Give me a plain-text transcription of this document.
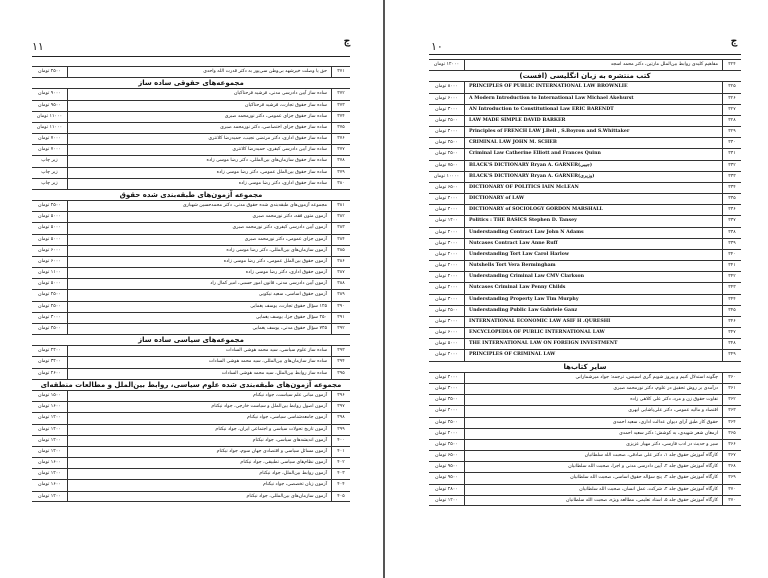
۱۱	ج
۲۵۰۰ تومان	حق یا وصلت خیرشهد بی‌وطن سی‌پور به دکتر قدرت الله واحدی	۳۷۱
مجموعه‌های حقوقی ساده ساز
۹۰۰۰ تومان	ساده ساز آیین دادرسی مدنی، فرشید فرحناکیان	۳۷۲
۹۵۰۰ تومان	ساده ساز حقوق تجارت، فرشید فرحناکیان	۳۷۳
۱۱۰۰۰ تومان	ساده ساز حقوق جزای عمومی، دکتر نورمحمد صبری	۳۷۴
۱۱۰۰۰ تومان	ساده ساز حقوق جزای اختصاصی، دکتر نورمحمد صبری	۳۷۵
۷۰۰۰ تومان	ساده ساز حقوق اداری، دکتر مرتضی نجیب، حمیدرضا کلانتری	۳۷۶
۷۰۰۰ تومان	ساده ساز آیین دادرسی کیفری، حمیدرضا کلانتری	۳۷۷
زیر چاپ	ساده ساز حقوق سازمان‌های بین‌المللی، دکتر رضا موسی زاده	۳۷۸
زیر چاپ	ساده ساز حقوق بین‌الملل عمومی، دکتر رضا موسی زاده	۳۷۹
زیر چاپ	ساده ساز حقوق اداری، دکتر رضا موسی زاده	۳۸۰
مجموعه آزمون‌های طبقه‌بندی شده حقوق
۲۵۰۰ تومان	مجموعه آزمون‌های طبقه‌بندی شده حقوق مدنی، دکتر محمدحسین شهبازی	۳۸۱
۵۰۰۰ تومان	آزمون متون فقه، دکتر نورمحمد صبری	۳۸۲
۵۰۰۰ تومان	آزمون آیین دادرسی کیفری، دکتر نورمحمد صبری	۳۸۳
۵۰۰۰ تومان	آزمون جزای عمومی، دکتر نورمحمد صبری	۳۸۴
۶۰۰۰ تومان	آزمون سازمان‌های بین‌المللی، دکتر رضا موسی زاده	۳۸۵
۶۰۰۰ تومان	آزمون حقوق بین‌الملل عمومی، دکتر رضا موسی زاده	۳۸۶
۱۱۰۰ تومان	آزمون حقوق اداری، دکتر رضا موسی زاده	۳۸۷
۵۰۰۰ تومان	آزمون آیین دادرسی مدنی، قانون امور حسبی، امیر کمال راد	۳۸۸
۲۵۰۰ تومان	آزمون حقوق اساسی، سعید نیکویی	۳۸۹
۲۵۰۰ تومان	۱۲۵ سؤال حقوق تجارت، یوسف یغمایی	۳۹۰
۳۰۰۰ تومان	۲۵۰ سؤال حقوق جزا، یوسف یغمایی	۳۹۱
۴۵۰۰ تومان	۷۴۵ سؤال حقوق مدنی، یوسف یغمایی	۳۹۲
مجموعه‌های سیاسی ساده ساز
۲۴۰۰ تومان	ساده ساز علوم سیاسی، سید محمد هوشی السادات	۳۹۳
۳۴۰۰ تومان	ساده ساز سازمان‌های بین‌المللی، سید محمد هوشی السادات	۳۹۴
۲۶۰۰ تومان	ساده ساز روابط بین‌الملل، سید محمد هوشی السادات	۳۹۵
مجموعه آزمون‌های طبقه‌بندی شده علوم سیاسی، روابط بین‌الملل و مطالعات منطقه‌ای
۱۵۰۰ تومان	آزمون مبانی علم سیاست، جواد نیکنام	۳۹۶
۱۶۰۰ تومان	آزمون اصول روابط بین‌الملل و سیاست خارجی، جواد نیکنام	۳۹۷
۱۲۰۰ تومان	آزمون جامعه‌شناسی سیاسی، جواد نیکنام	۳۹۸
۱۴۰۰ تومان	آزمون تاریخ تحولات سیاسی و اجتماعی ایران، جواد نیکنام	۳۹۹
۱۲۰۰ تومان	آزمون اندیشه‌های سیاسی، جواد نیکنام	۴۰۰
۱۲۰۰ تومان	آزمون مسائل سیاسی و اقتصادی جهان سوم، جواد نیکنام	۴۰۱
۱۶۰۰ تومان	آزمون نظام‌های سیاسی تطبیقی، جواد نیکنام	۴۰۲
۱۲۰۰ تومان	آزمون روابط بین‌الملل، جواد نیکنام	۴۰۳
۱۶۰۰ تومان	آزمون زبان تخصصی، جواد نیکنام	۴۰۴
۱۲۰۰ تومان	آزمون سازمان‌های بین‌المللی، جواد نیکنام	۴۰۵
۱۰	ج
۱۲۰۰۰ تومان	مفاهیم کلیدی روابط بین‌الملل مارتین، دکتر محمد اسجد	۳۲۴
کتب منتشره به زبان انگلیسی (افست)
۸۰۰۰ تومان	PRINCIPLES OF PUBLIC INTERNATIONAL LAW BROWNLIE	۳۲۵
۶۰۰۰ تومان	A Modern Introduction to International Law Michael Akehurst	۳۲۶
۳۰۰۰ تومان	AN Introduction to Constitutional Law ERIC BARENDT	۳۲۷
۴۵۰۰ تومان	LAW MADE SIMPLE DAVID BARKER	۳۲۸
۴۰۰۰ تومان	Principles of FRENCH LAW J.Bell , S.Boyron and S.Whittaker	۳۲۹
۴۵۰۰ تومان	CRIMINAL LAW JOHN M. SCHEB	۳۳۰
۲۵۰۰ تومان	Criminal Law Catherine Elliott and Frances Quinn	۳۳۱
۷۵۰۰ تومان	BLACK'S DICTIONARY Bryan A. GARNER(جیبی)	۳۳۲
۱۰۰۰۰ تومان	BLACK'S DICTIONARY Bryan A. GARNER(وزیری)	۳۳۳
۶۵۰۰ تومان	DICTIONARY OF POLITICS IAIN McLEAN	۳۳۴
۴۰۰۰ تومان	DICTIONARY of LAW	۳۳۵
۴۰۰۰ تومان	DICTIONARY of SOCIOLOGY GORDON MARSHALL	۳۳۶
۱۴۰۰ تومان	Politics : THE BASICS Stephen D. Tansey	۳۳۷
۲۰۰۰ تومان	Understanding Contract Law John N Adams	۳۳۸
۳۰۰۰ تومان	Nutcases Contract Law Anne Ruff	۳۳۹
۲۰۰۰ تومان	Understanding Tort Law Carol Harlow	۳۴۰
۲۰۰۰ تومان	Nutshells Tort Vera Bermingham	۳۴۱
۲۰۰۰ تومان	Understanding Criminal Law CMV Clarkson	۳۴۲
۲۰۰۰ تومان	Nutcases Criminal Law Penny Childs	۳۴۳
۳۰۰۰ تومان	Understanding Property Law Tim Murphy	۳۴۴
۲۵۰۰ تومان	Understanding Public Law Gabriele Ganz	۳۴۵
۳۰۰۰ تومان	INTERNATIONAL ECONOMIC LAW ASIF H .QURESHI	۳۴۶
۶۰۰۰ تومان	ENCYCLOPEDIA OF PUBLIC INTERNATIONAL LAW	۳۴۷
۵۰۰۰ تومان	THE INTERNATIONAL LAW ON FOREIGN INVESTMENT	۳۴۸
۴۰۰۰ تومان	PRINCIPLES OF CRIMINAL LAW	۳۴۹
سایر کتاب‌ها
۴۰۰۰ تومان	چگونه استدلال کنیم و پیروز شویم گری اسپنس، ترجمه: جواد میرشمارانی	۳۶۰
۳۰۰۰ تومان	درآمدی بر روش تحقیق در علوم، دکتر نورمحمد صبری	۳۶۱
۳۵۰۰ تومان	تفاوت حقوق زن و مرد، دکتر علی کلاهی زاده	۳۶۲
۴۰۰۰ تومان	اقتصاد و مالیه عمومی، دکتر علی‌پاشایی ابهری	۳۶۳
۴۵۰۰ تومان	حقوق کار طبق آرای دیوان عدالت اداری، سعید احمدی	۳۶۴
۲۰۰۰ تومان	ارمغان شعر شهیدی، به کوشش: دکتر سعید احمدی	۳۶۵
۴۵۰۰ تومان	سیر و حدیث در ادب فارسی، دکتر مهیار عزیزی	۳۶۶
۶۵۰۰ تومان	کارگاه آموزش حقوق جلد ۱، دکتر علی صادقی، صحبت الله سلطانیان	۳۶۷
۹۵۰۰ تومان	کارگاه آموزش حقوق جلد ۲، آیین دادرسی مدنی و اجرا، صحبت الله سلطانیان	۳۶۸
۹۵۰۰ تومان	کارگاه آموزش حقوق جلد ۳، پنج سؤاله حقوق اساسی، صحبت الله سلطانیان	۳۶۹
۲۸۰۰ تومان	کارگاه آموزش حقوق جلد ۴، شرکت، عمل انسان، صحبت الله سلطانیان	۳۷۰
۱۲۰۰ تومان	کارگاه آموزش حقوق جلد ۵، استاد تعلیمی، مطالعه ویژه، صحبت الله سلطانیان	۳۷۰
